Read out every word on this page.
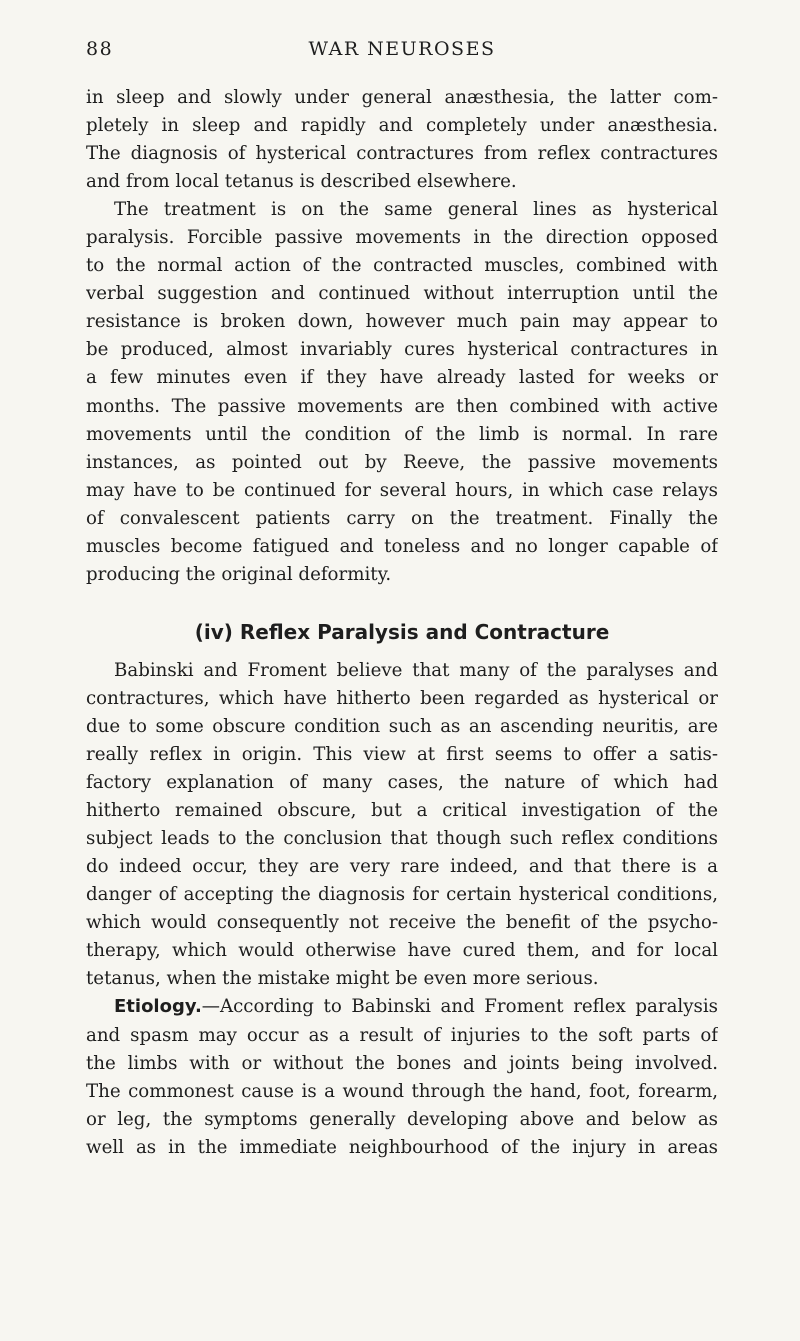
88	WAR NEUROSES
in sleep and slowly under general anæsthesia, the latter com-
pletely in sleep and rapidly and completely under anæsthesia.
The diagnosis of hysterical contractures from reflex contractures
and from local tetanus is described elsewhere.
The treatment is on the same general lines as hysterical
paralysis. Forcible passive movements in the direction opposed
to the normal action of the contracted muscles, combined with
verbal suggestion and continued without interruption until the
resistance is broken down, however much pain may appear to
be produced, almost invariably cures hysterical contractures in
a few minutes even if they have already lasted for weeks or
months. The passive movements are then combined with active
movements until the condition of the limb is normal. In rare
instances, as pointed out by Reeve, the passive movements
may have to be continued for several hours, in which case relays
of convalescent patients carry on the treatment. Finally the
muscles become fatigued and toneless and no longer capable of
producing the original deformity.
(iv) Reflex Paralysis and Contracture
Babinski and Froment believe that many of the paralyses and
contractures, which have hitherto been regarded as hysterical or
due to some obscure condition such as an ascending neuritis, are
really reflex in origin. This view at first seems to offer a satis-
factory explanation of many cases, the nature of which had
hitherto remained obscure, but a critical investigation of the
subject leads to the conclusion that though such reflex conditions
do indeed occur, they are very rare indeed, and that there is a
danger of accepting the diagnosis for certain hysterical conditions,
which would consequently not receive the benefit of the psycho-
therapy, which would otherwise have cured them, and for local
tetanus, when the mistake might be even more serious.
Etiology.—According to Babinski and Froment reflex paralysis
and spasm may occur as a result of injuries to the soft parts of
the limbs with or without the bones and joints being involved.
The commonest cause is a wound through the hand, foot, forearm,
or leg, the symptoms generally developing above and below as
well as in the immediate neighbourhood of the injury in areas
